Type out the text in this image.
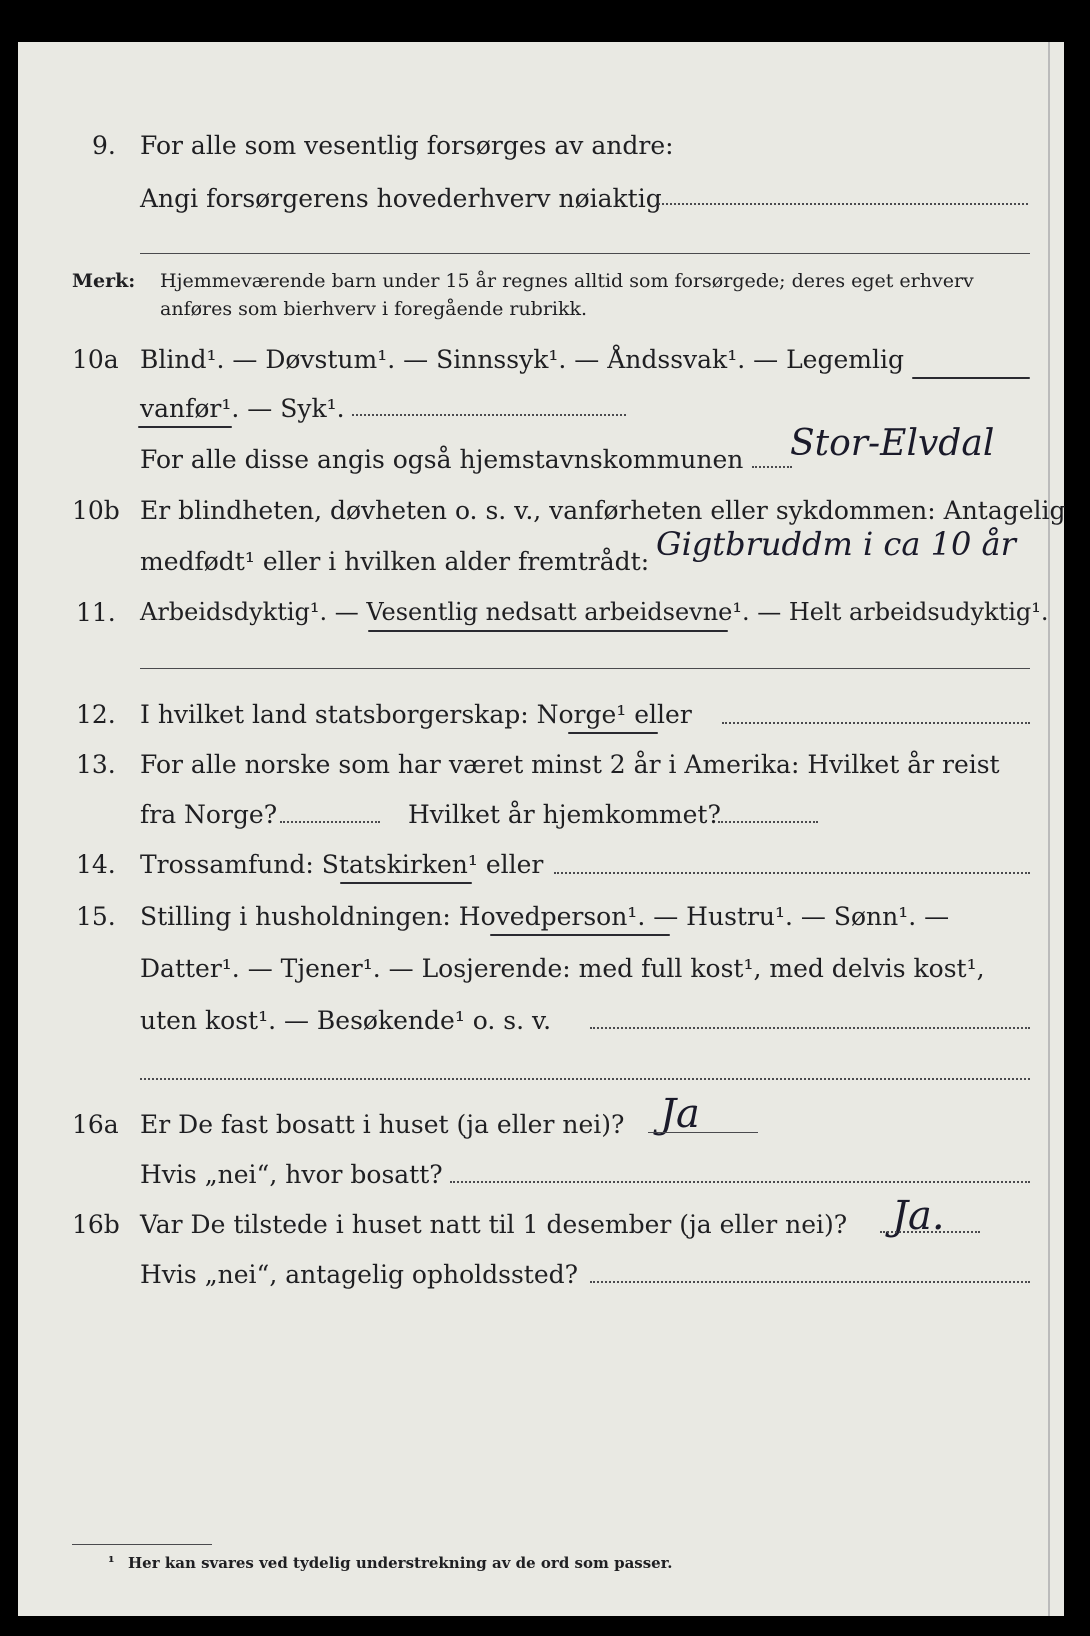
9. For alle som vesentlig forsørges av andre:
Angi forsørgerens hovederhverv nøiaktig
Merk: Hjemmeværende barn under 15 år regnes alltid som forsørgede; deres eget erhverv
anføres som bierhverv i foregående rubrikk.
10a Blind¹. — Døvstum¹. — Sinnssyk¹. — Åndssvak¹. — Legemlig
vanfør¹. — Syk¹.
For alle disse angis også hjemstavnskommunen Stor-Elvdal
10b Er blindheten, døvheten o. s. v., vanførheten eller sykdommen: Antagelig
medfødt¹ eller i hvilken alder fremtrådt: Gigtbruddm i ca 10 år
11. Arbeidsdyktig¹. — Vesentlig nedsatt arbeidsevne¹. — Helt arbeidsudyktig¹.
12. I hvilket land statsborgerskap: Norge¹ eller
13. For alle norske som har været minst 2 år i Amerika: Hvilket år reist
fra Norge?	Hvilket år hjemkommet?
14. Trossamfund: Statskirken¹ eller
15. Stilling i husholdningen: Hovedperson¹. — Hustru¹. — Sønn¹. —
Datter¹. — Tjener¹. — Losjerende: med full kost¹, med delvis kost¹,
uten kost¹. — Besøkende¹ o. s. v.
16a Er De fast bosatt i huset (ja eller nei)? Ja
Hvis „nei“, hvor bosatt?
16b Var De tilstede i huset natt til 1 desember (ja eller nei)? Ja.
Hvis „nei“, antagelig opholdssted?
¹ Her kan svares ved tydelig understrekning av de ord som passer.
